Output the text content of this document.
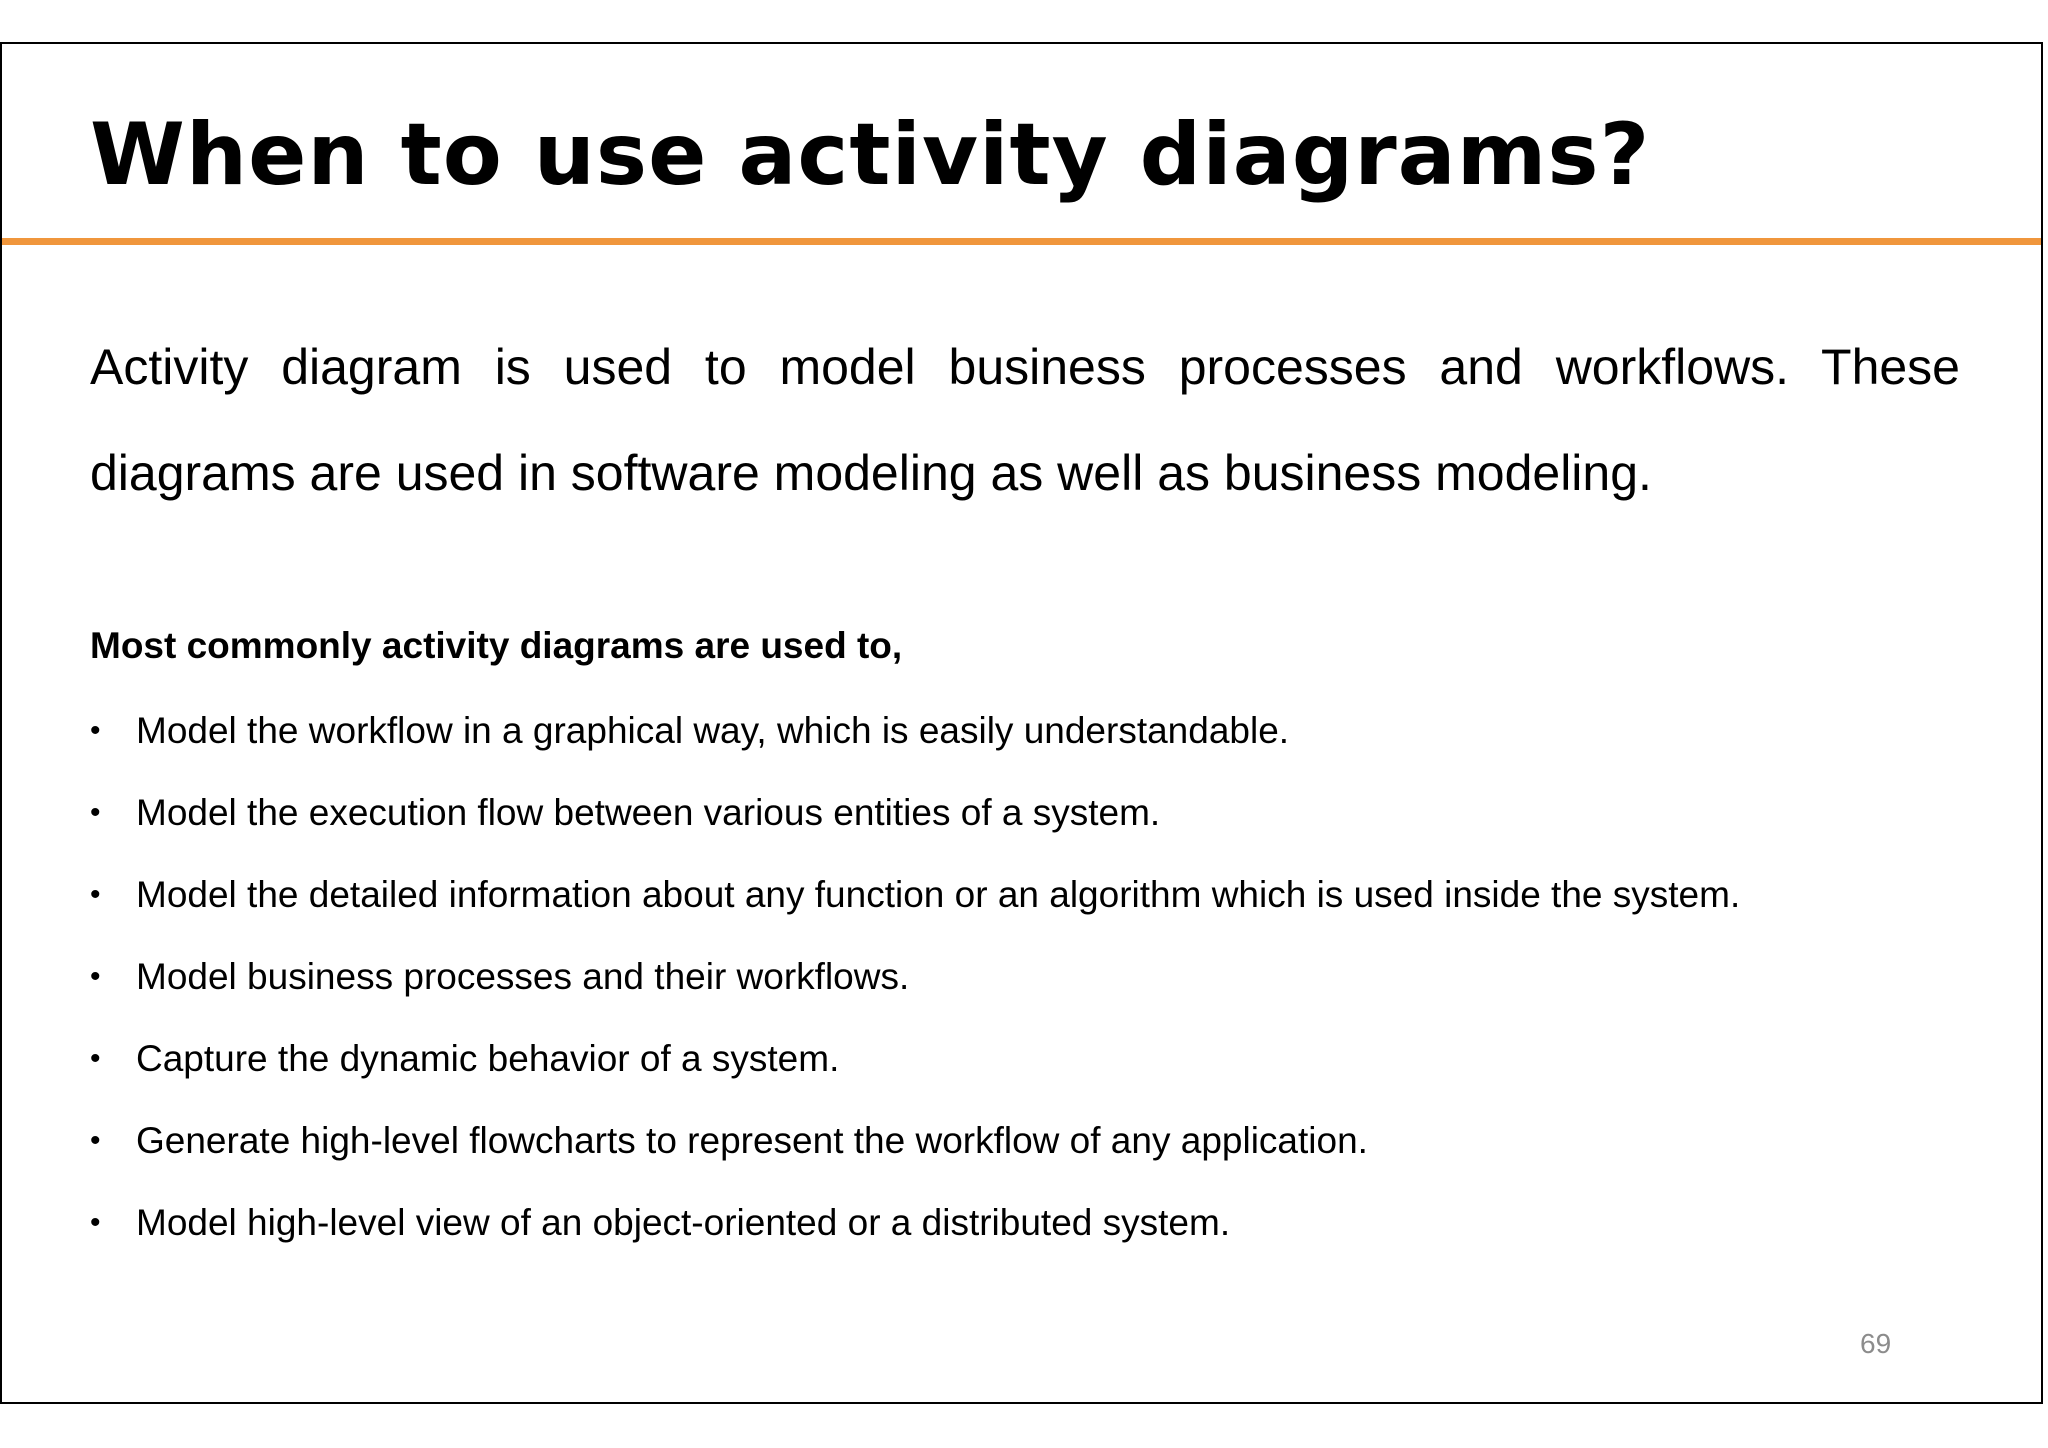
When to use activity diagrams?

Activity diagram is used to model business processes and workflows. These diagrams are used in software modeling as well as business modeling.

Most commonly activity diagrams are used to,

• Model the workflow in a graphical way, which is easily understandable.
• Model the execution flow between various entities of a system.
• Model the detailed information about any function or an algorithm which is used inside the system.
• Model business processes and their workflows.
• Capture the dynamic behavior of a system.
• Generate high-level flowcharts to represent the workflow of any application.
• Model high-level view of an object-oriented or a distributed system.
69
